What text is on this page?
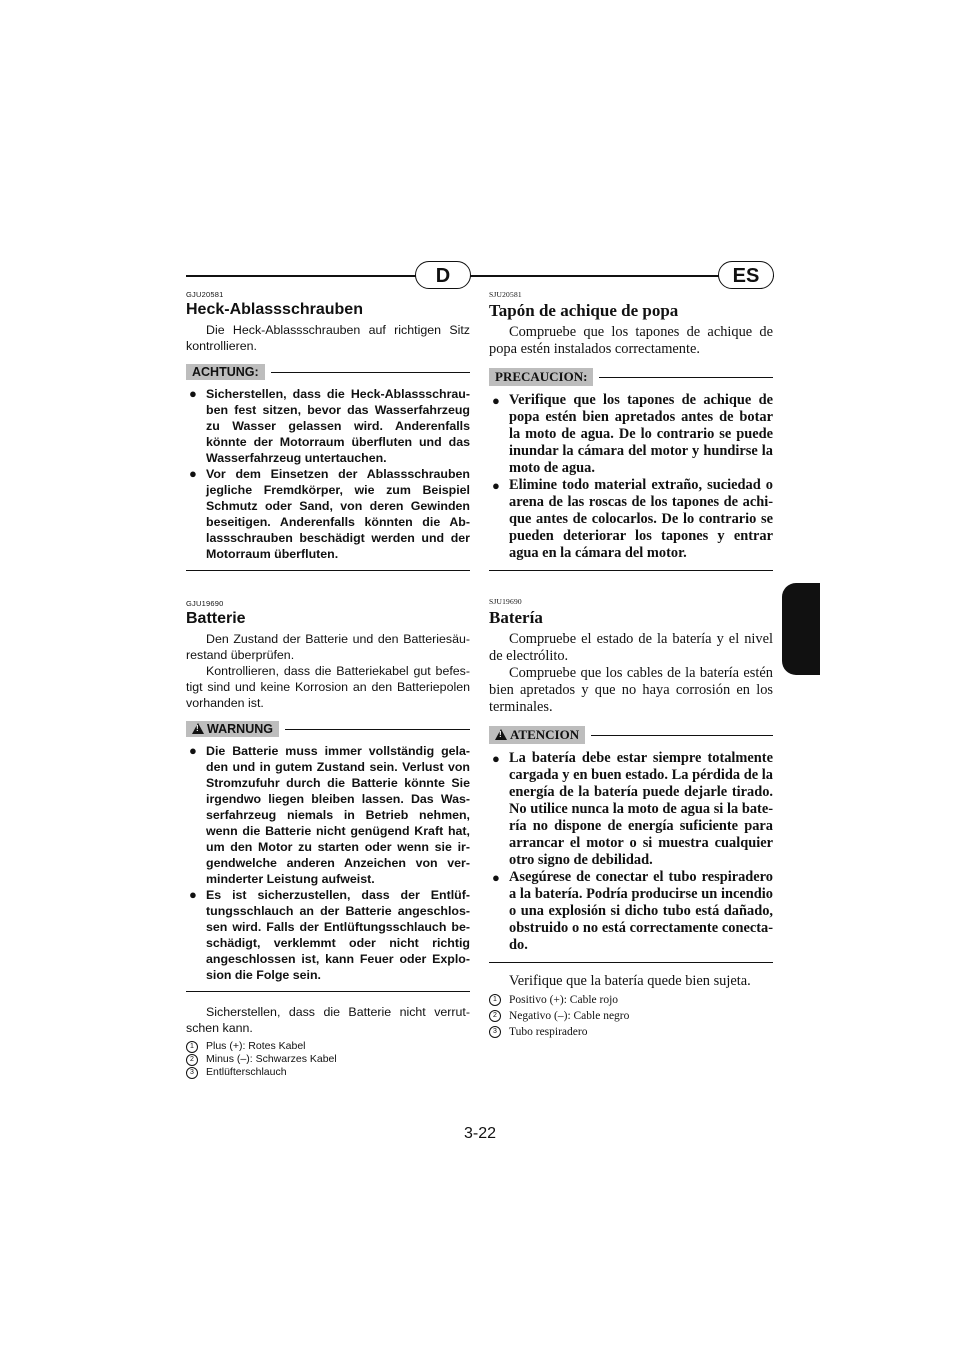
D	ES

GJU20581

Heck-Ablassschrauben

Die Heck-Ablassschrauben auf richtigen Sitz kontrollieren.

ACHTUNG:
● Sicherstellen, dass die Heck-Ablassschrau-ben fest sitzen, bevor das Wasserfahrzeug zu Wasser gelassen wird. Anderenfalls könnte der Motorraum überfluten und das Wasserfahrzeug untertauchen.
● Vor dem Einsetzen der Ablassschrauben jegliche Fremdkörper, wie zum Beispiel Schmutz oder Sand, von deren Gewinden beseitigen. Anderenfalls könnten die Ab-lassschrauben beschädigt werden und der Motorraum überfluten.

GJU19690

Batterie

Den Zustand der Batterie und den Batteriesäu-restand überprüfen.

Kontrollieren, dass die Batteriekabel gut befes-tigt sind und keine Korrosion an den Batteriepolen vorhanden ist.

!WARNUNG
● Die Batterie muss immer vollständig gela-den und in gutem Zustand sein. Verlust von Stromzufuhr durch die Batterie könnte Sie irgendwo liegen bleiben lassen. Das Was-serfahrzeug niemals in Betrieb nehmen, wenn die Batterie nicht genügend Kraft hat, um den Motor zu starten oder wenn sie ir-gendwelche anderen Anzeichen von ver-minderter Leistung aufweist.
● Es ist sicherzustellen, dass der Entlüf-tungsschlauch an der Batterie angeschlos-sen wird. Falls der Entlüftungsschlauch be-schädigt, verklemmt oder nicht richtig angeschlossen ist, kann Feuer oder Explo-sion die Folge sein.

Sicherstellen, dass die Batterie nicht verrut-schen kann.

1	Plus (+): Rotes Kabel
2	Minus (–): Schwarzes Kabel
3	Entlüfterschlauch

SJU20581

Tapón de achique de popa

Compruebe que los tapones de achique de popa estén instalados correctamente.

PRECAUCION:
● Verifique que los tapones de achique de popa estén bien apretados antes de botar la moto de agua. De lo contrario se puede inundar la cámara del motor y hundirse la moto de agua.
● Elimine todo material extraño, suciedad o arena de las roscas de los tapones de achi-que antes de colocarlos. De lo contrario se pueden deteriorar los tapones y entrar agua en la cámara del motor.

SJU19690

Batería

Compruebe el estado de la batería y el nivel de electrólito.

Compruebe que los cables de la batería estén bien apretados y que no haya corrosión en los terminales.

!ATENCION
● La batería debe estar siempre totalmente cargada y en buen estado. La pérdida de la energía de la batería puede dejarle tirado. No utilice nunca la moto de agua si la bate-ría no dispone de energía suficiente para arrancar el motor o si muestra cualquier otro signo de debilidad.
● Asegúrese de conectar el tubo respiradero a la batería. Podría producirse un incendio o una explosión si dicho tubo está dañado, obstruido o no está correctamente conecta-do.

Verifique que la batería quede bien sujeta.

1	Positivo (+): Cable rojo
2	Negativo (–): Cable negro
3	Tubo respiradero
3-22
